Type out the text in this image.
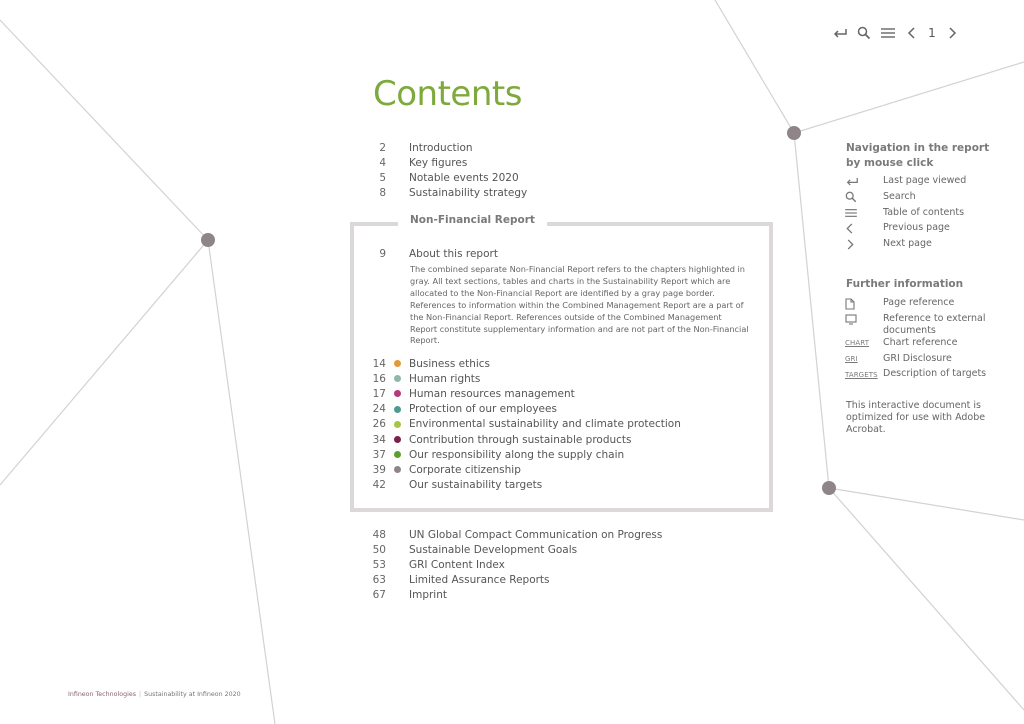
1
Contents
2 Introduction
4 Key figures
5 Notable events 2020
8 Sustainability strategy
Non-Financial Report
9 About this report

The combined separate Non-Financial Report refers to the chapters highlighted in gray. All text sections, tables and charts in the Sustainability Report which are allocated to the Non-Financial Report are identified by a gray page border. References to information within the Combined Management Report are a part of the Non-Financial Report. References outside of the Combined Management Report constitute supplementary information and are not part of the Non-Financial Report.

14 Business ethics
16 Human rights
17 Human resources management
24 Protection of our employees
26 Environmental sustainability and climate protection
34 Contribution through sustainable products
37 Our responsibility along the supply chain
39 Corporate citizenship
42 Our sustainability targets
48 UN Global Compact Communication on Progress
50 Sustainable Development Goals
53 GRI Content Index
63 Limited Assurance Reports
67 Imprint
Navigation in the report by mouse click
Last page viewed
Search
Table of contents
Previous page
Next page
Further information
Page reference
Reference to external documents
CHART Chart reference
GRI	GRI Disclosure
TARGETS Description of targets

This interactive document is optimized for use with Adobe Acrobat.

Infineon Technologies | Sustainability at Infineon 2020
